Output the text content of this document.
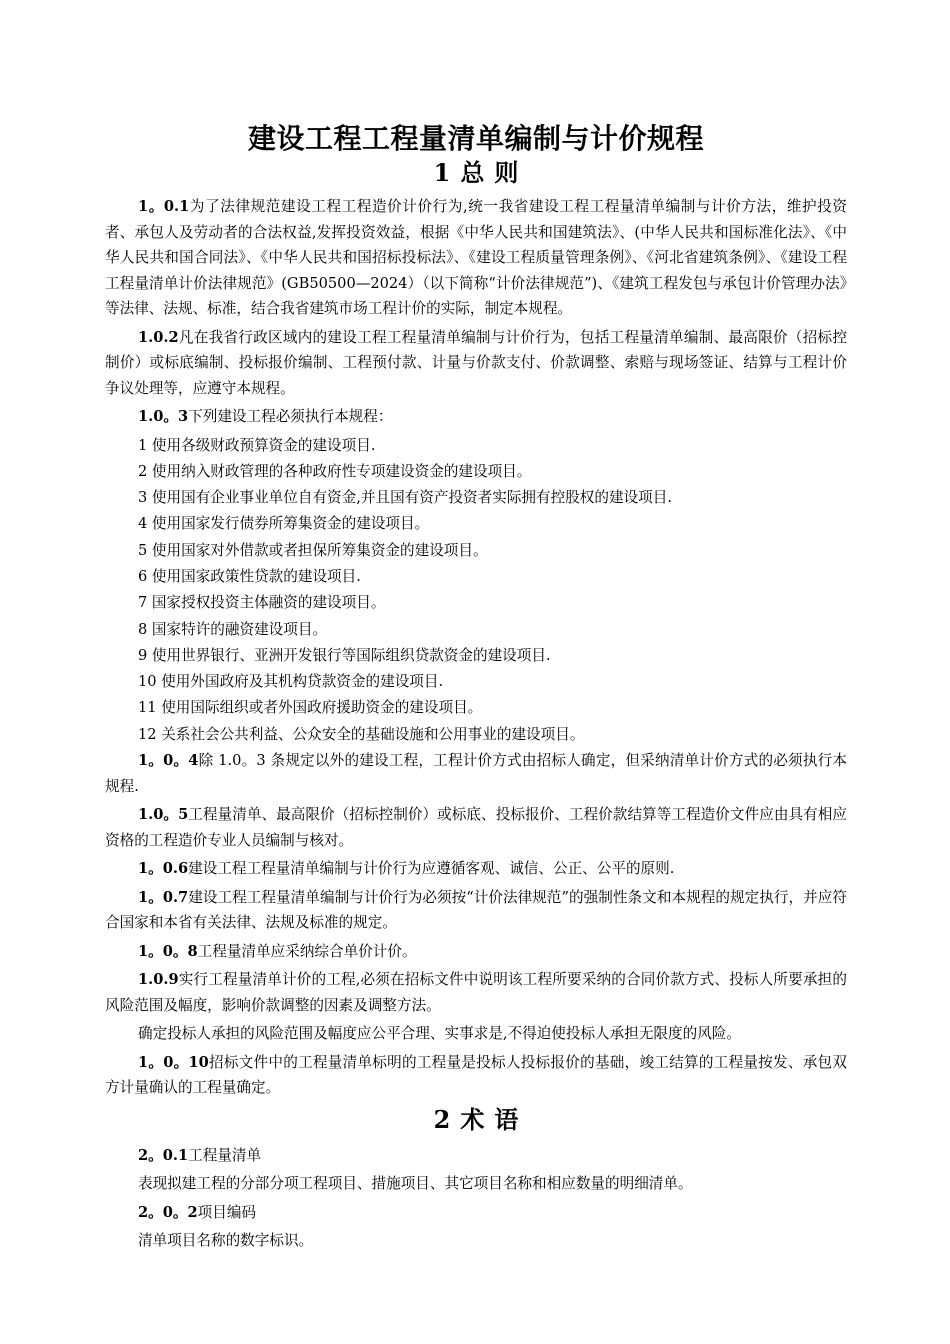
建设工程工程量清单编制与计价规程
1 总 则

1。0.1为了法律规范建设工程工程造价计价行为,统一我省建设工程工程量清单编制与计价方法，维护投资者、承包人及劳动者的合法权益,发挥投资效益，根据《中华人民共和国建筑法》、(中华人民共和国标准化法》、《中华人民共和国合同法》、《中华人民共和国招标投标法》、《建设工程质量管理条例》、《河北省建筑条例》、《建设工程工程量清单计价法律规范》(GB50500—2024）（以下简称“计价法律规范”)、《建筑工程发包与承包计价管理办法》等法律、法规、标准，结合我省建筑市场工程计价的实际，制定本规程。

1.0.2凡在我省行政区域内的建设工程工程量清单编制与计价行为，包括工程量清单编制、最高限价（招标控制价）或标底编制、投标报价编制、工程预付款、计量与价款支付、价款调整、索赔与现场签证、结算与工程计价争议处理等，应遵守本规程。

1.0。3下列建设工程必须执行本规程：

1 使用各级财政预算资金的建设项目.

2 使用纳入财政管理的各种政府性专项建设资金的建设项目。

3 使用国有企业事业单位自有资金,并且国有资产投资者实际拥有控股权的建设项目.

4 使用国家发行债券所筹集资金的建设项目。

5 使用国家对外借款或者担保所筹集资金的建设项目。

6 使用国家政策性贷款的建设项目.

7 国家授权投资主体融资的建设项目。

8 国家特许的融资建设项目。

9 使用世界银行、亚洲开发银行等国际组织贷款资金的建设项目.

10 使用外国政府及其机构贷款资金的建设项目.

11 使用国际组织或者外国政府援助资金的建设项目。

12 关系社会公共利益、公众安全的基础设施和公用事业的建设项目。

1。0。4除 1.0。3 条规定以外的建设工程，工程计价方式由招标人确定，但采纳清单计价方式的必须执行本规程.

1.0。5工程量清单、最高限价（招标控制价）或标底、投标报价、工程价款结算等工程造价文件应由具有相应资格的工程造价专业人员编制与核对。

1。0.6建设工程工程量清单编制与计价行为应遵循客观、诚信、公正、公平的原则.

1。0.7建设工程工程量清单编制与计价行为必须按“计价法律规范”的强制性条文和本规程的规定执行，并应符合国家和本省有关法律、法规及标准的规定。

1。0。8工程量清单应采纳综合单价计价。

1.0.9实行工程量清单计价的工程,必须在招标文件中说明该工程所要采纳的合同价款方式、投标人所要承担的风险范围及幅度，影响价款调整的因素及调整方法。

确定投标人承担的风险范围及幅度应公平合理、实事求是,不得迫使投标人承担无限度的风险。

1。0。10招标文件中的工程量清单标明的工程量是投标人投标报价的基础，竣工结算的工程量按发、承包双方计量确认的工程量确定。

2 术 语

2。0.1工程量清单

表现拟建工程的分部分项工程项目、措施项目、其它项目名称和相应数量的明细清单。

2。0。2项目编码

清单项目名称的数字标识。
